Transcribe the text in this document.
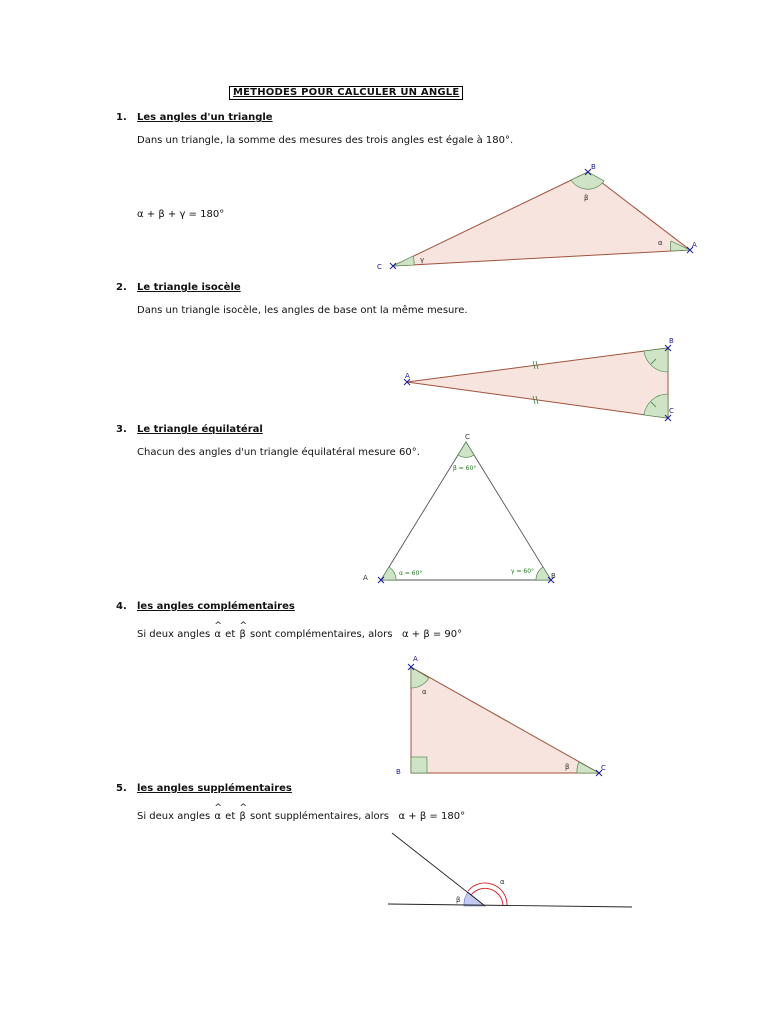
METHODES POUR CALCULER UN ANGLE
1. Les angles d'un triangle
Dans un triangle, la somme des mesures des trois angles est égale à 180°.
α + β + γ = 180°
2. Le triangle isocèle
Dans un triangle isocèle, les angles de base ont la même mesure.
3. Le triangle équilatéral
Chacun des angles d'un triangle équilatéral mesure 60°.
4. les angles complémentaires
Si deux angles ^ α et ^ β sont complémentaires, alors α + β = 90°
5. les angles supplémentaires
Si deux angles ^ α et ^ β sont supplémentaires, alors α + β = 180°
B
A
C
β
α
γ
A
B
C
C
A	B
β = 60°
α = 60°	γ = 60°
A
B	C
α
β
β
α
